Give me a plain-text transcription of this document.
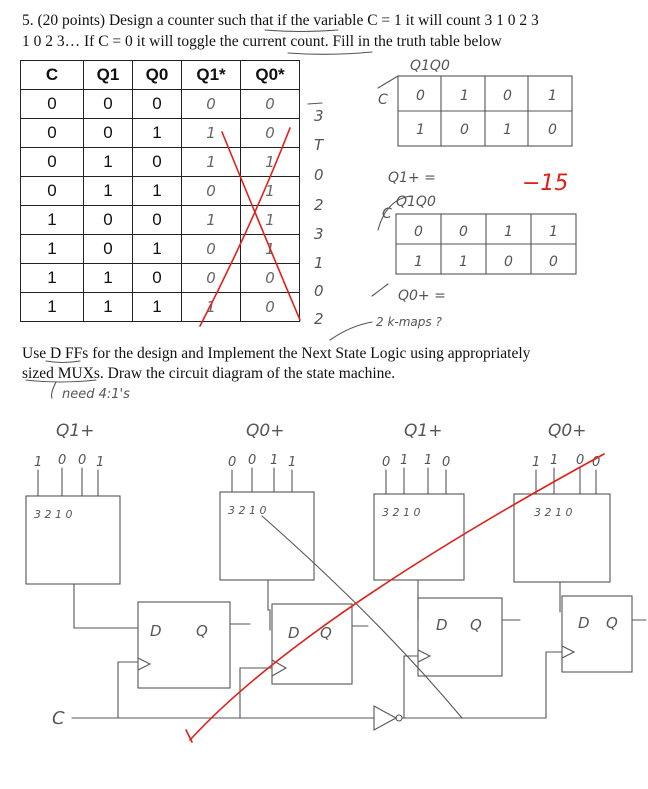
5. (20 points) Design a counter such that if the variable C = 1 it will count 3 1 0 2 3

1 0 2 3… If C = 0 it will toggle the current count. Fill in the truth table below

C	Q1	Q0	Q1*	Q0*
0	0	0	0	0
0	0	1	1	0
0	1	0	1	1
0	1	1	0	1
1	0	0	1	1
1	0	1	0	1
1	1	0	0	0
1	1	1	1	0

Use D FFs for the design and Implement the Next State Logic using appropriately

sized MUXs. Draw the circuit diagram of the state machine.

3
T
0
2
3
1
0
2
Q1Q0
C 0	1 0	1
1	0 1	0
Q1+ =
Q1Q0
C
0	0	1	1
1	1	0	0
Q0+ =
2 k-maps ?
need 4:1's
Q1+	Q0+	Q1+	Q0+
1 0 0 1	0 0 1 1	0 1 1 0	1 1 0 0
3 2 1 0	3 2 1 0	3 2 1 0	3 2 1 0
D Q	D Q	D Q	D Q
C
−15
